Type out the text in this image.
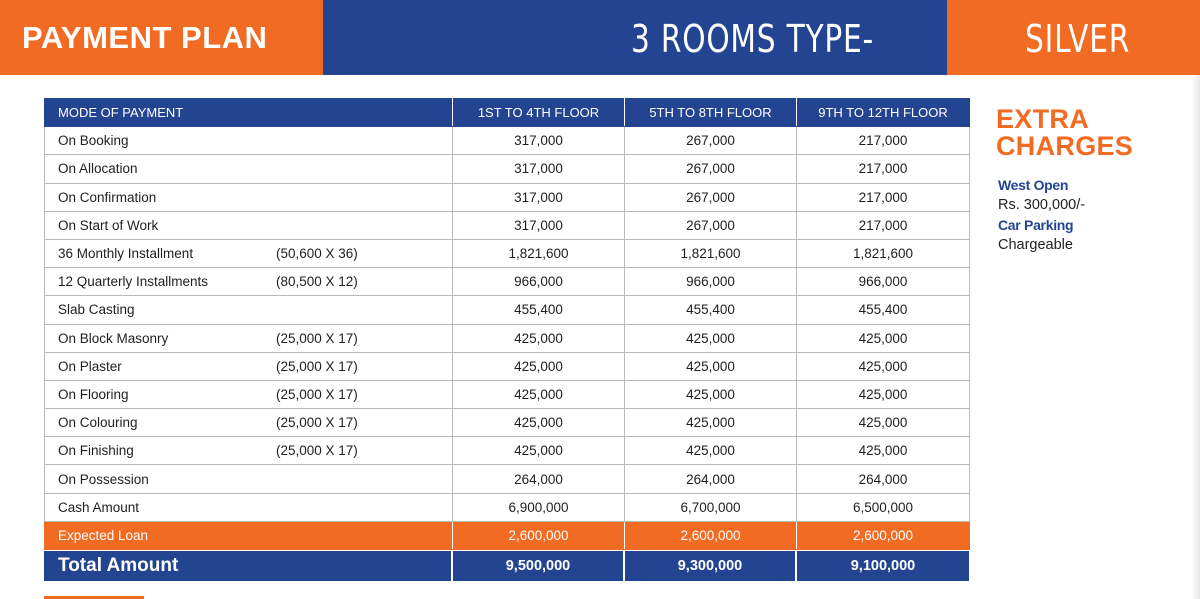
PAYMENT PLAN	3 ROOMS TYPE-	SILVER
MODE OF PAYMENT	1ST TO 4TH FLOOR	5TH TO 8TH FLOOR	9TH TO 12TH FLOOR
On Booking	317,000	267,000	217,000
On Allocation	317,000	267,000	217,000
On Confirmation	317,000	267,000	217,000
On Start of Work	317,000	267,000	217,000
36 Monthly Installment (50,600 X 36)	1,821,600	1,821,600	1,821,600
12 Quarterly Installments (80,500 X 12)	966,000	966,000	966,000
Slab Casting	455,400	455,400	455,400
On Block Masonry (25,000 X 17)	425,000	425,000	425,000
On Plaster (25,000 X 17)	425,000	425,000	425,000
On Flooring (25,000 X 17)	425,000	425,000	425,000
On Colouring (25,000 X 17)	425,000	425,000	425,000
On Finishing (25,000 X 17)	425,000	425,000	425,000
On Possession	264,000	264,000	264,000
Cash Amount	6,900,000	6,700,000	6,500,000
Expected Loan	2,600,000	2,600,000	2,600,000
Total Amount	9,500,000	9,300,000	9,100,000
EXTRA
CHARGES
West Open
Rs. 300,000/-
Car Parking
Chargeable
